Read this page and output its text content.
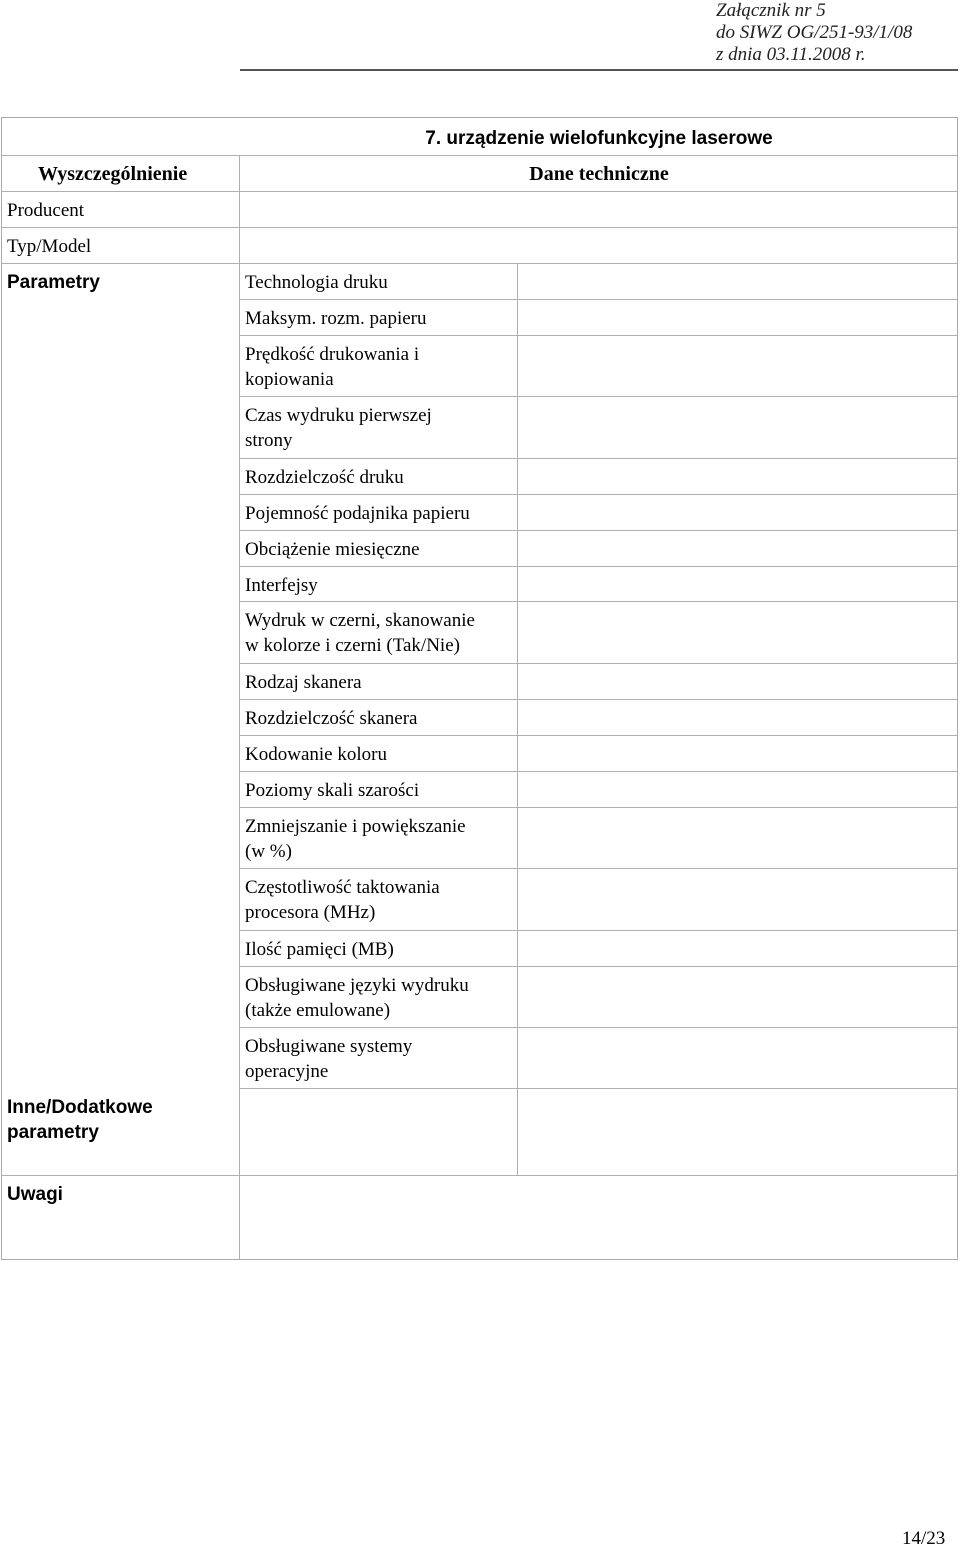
Załącznik nr 5
do SIWZ OG/251-93/1/08
z dnia 03.11.2008 r.
7. urządzenie wielofunkcyjne laserowe
Wyszczególnienie	Dane techniczne
Producent
Typ/Model
Parametry
Inne/Dodatkowe
parametry
Uwagi
Technologia druku
Maksym. rozm. papieru
Prędkość drukowania i
kopiowania
Czas wydruku pierwszej
strony
Rozdzielczość druku
Pojemność podajnika papieru
Obciążenie miesięczne
Interfejsy
Wydruk w czerni, skanowanie
w kolorze i czerni (Tak/Nie)
Rodzaj skanera
Rozdzielczość skanera
Kodowanie koloru
Poziomy skali szarości
Zmniejszanie i powiększanie
(w %)
Częstotliwość taktowania
procesora (MHz)
Ilość pamięci (MB)
Obsługiwane języki wydruku
(także emulowane)
Obsługiwane systemy
operacyjne
14/23
